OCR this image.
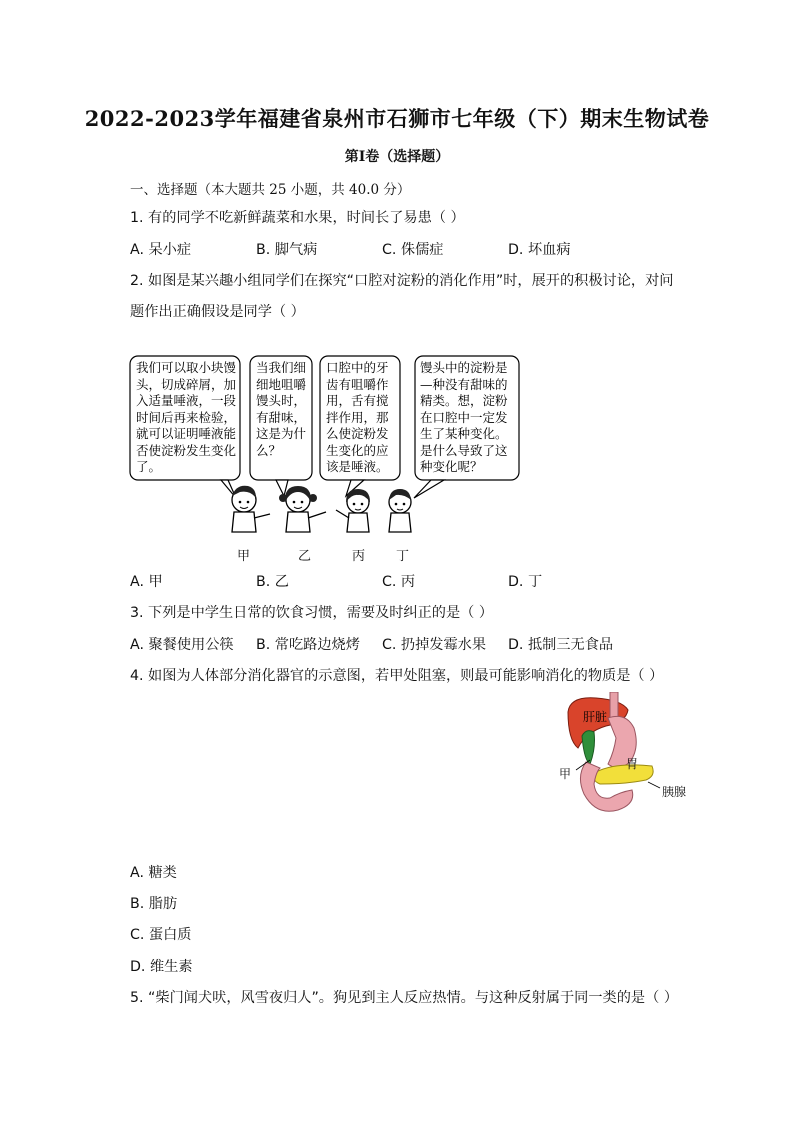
2022-2023学年福建省泉州市石狮市七年级（下）期末生物试卷
第I卷（选择题）
一、选择题（本大题共 25 小题，共 40.0 分）
1. 有的同学不吃新鲜蔬菜和水果，时间长了易患（ ）
A. 呆小症	B. 脚气病	C. 侏儒症	D. 坏血病
2. 如图是某兴趣小组同学们在探究“口腔对淀粉的消化作用”时，展开的积极讨论，对问
题作出正确假设是同学（ ）
我们可以取小块馒头，切成碎屑，加入适量唾液，一段时间后再来检验，就可以证明唾液能否使淀粉发生变化了。
当我们细细地咀嚼馒头时，有甜味，这是为什么？
口腔中的牙齿有咀嚼作用，舌有搅拌作用，那么使淀粉发生变化的应该是唾液。
馒头中的淀粉是—种没有甜味的精类。想，淀粉在口腔中一定发生了某种变化。是什么导致了这种变化呢？
甲	乙	丙 丁
A. 甲	B. 乙	C. 丙	D. 丁
3. 下列是中学生日常的饮食习惯，需要及时纠正的是（ ）
A. 聚餐使用公筷 B. 常吃路边烧烤 C. 扔掉发霉水果 D. 抵制三无食品
4. 如图为人体部分消化器官的示意图，若甲处阻塞，则最可能影响消化的物质是（ ）
肝脏
甲
胃
胰腺
A. 糖类
B. 脂肪
C. 蛋白质
D. 维生素
5. “柴门闻犬吠，风雪夜归人”。狗见到主人反应热情。与这种反射属于同一类的是（ ）
